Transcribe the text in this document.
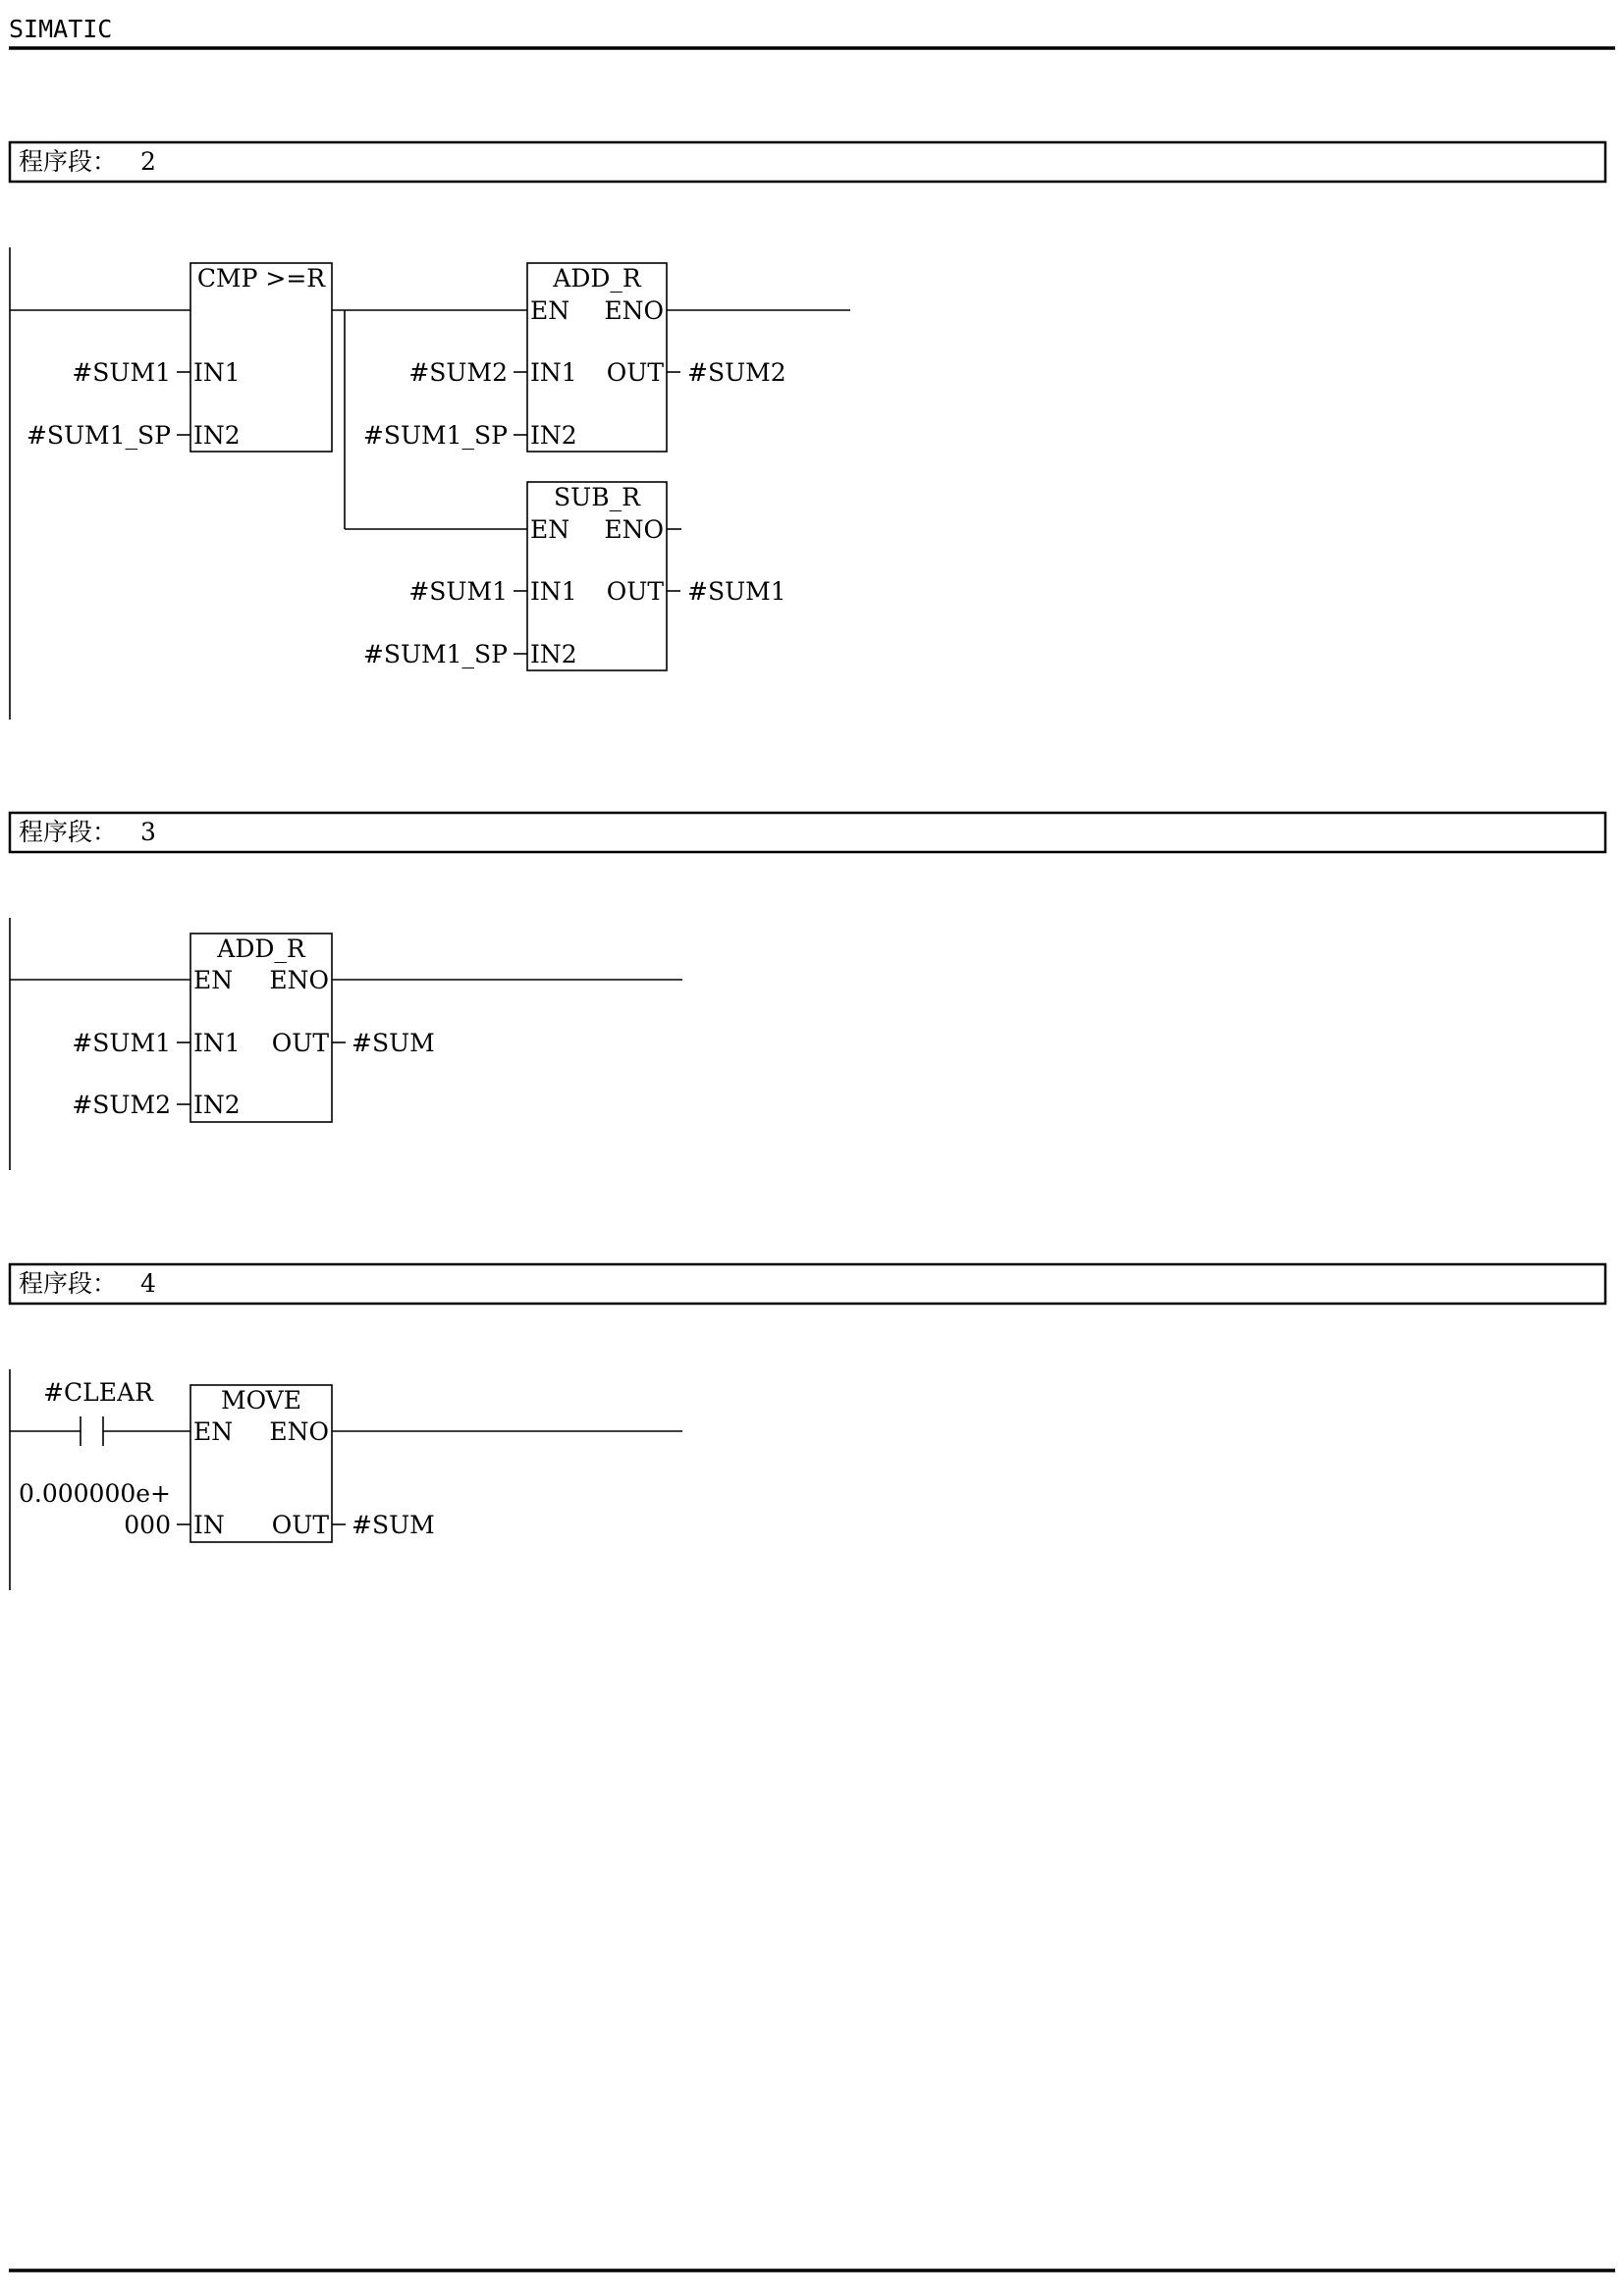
SIMATIC
程序段： 2
CMP >=R
IN1
IN2
#SUM1
#SUM1_SP
ADD_R
EN ENO
IN1
IN2
OUT
#SUM2
#SUM1_SP
#SUM2
SUB_R
EN ENO
IN1
IN2
OUT
#SUM1
#SUM1_SP
#SUM1
程序段： 3
ADD_R
EN ENO
IN1
IN2
OUT
#SUM1
#SUM2
#SUM
程序段： 4
#CLEAR	MOVE
EN ENO
IN OUT
0.000000e+
000	#SUM
